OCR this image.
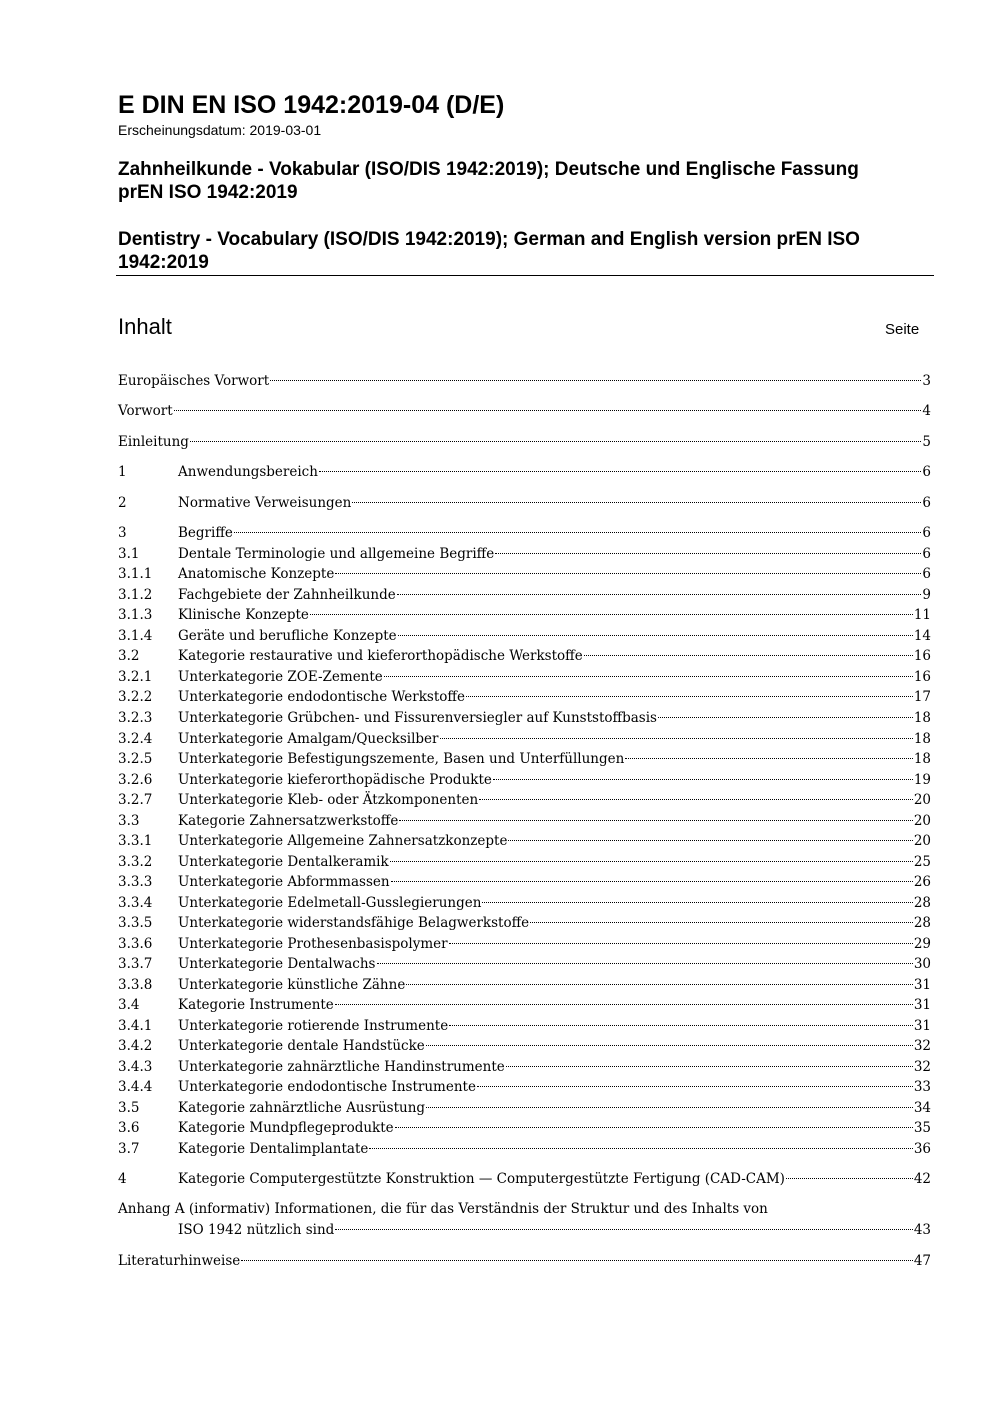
E DIN EN ISO 1942:2019-04 (D/E)
Erscheinungsdatum: 2019-03-01
Zahnheilkunde - Vokabular (ISO/DIS 1942:2019); Deutsche und Englische Fassung
prEN ISO 1942:2019
Dentistry - Vocabulary (ISO/DIS 1942:2019); German and English version prEN ISO
1942:2019
Inhalt	Seite
Europäisches Vorwort	3
Vorwort	4
Einleitung	5
1	Anwendungsbereich	6
2	Normative Verweisungen	6
3	Begriffe	6
3.1	Dentale Terminologie und allgemeine Begriffe	6
3.1.1	Anatomische Konzepte	6
3.1.2	Fachgebiete der Zahnheilkunde	9
3.1.3	Klinische Konzepte	11
3.1.4	Geräte und berufliche Konzepte	14
3.2	Kategorie restaurative und kieferorthopädische Werkstoffe	16
3.2.1	Unterkategorie ZOE-Zemente	16
3.2.2	Unterkategorie endodontische Werkstoffe	17
3.2.3	Unterkategorie Grübchen- und Fissurenversiegler auf Kunststoffbasis	18
3.2.4	Unterkategorie Amalgam/Quecksilber	18
3.2.5	Unterkategorie Befestigungszemente, Basen und Unterfüllungen	18
3.2.6	Unterkategorie kieferorthopädische Produkte	19
3.2.7	Unterkategorie Kleb- oder Ätzkomponenten	20
3.3	Kategorie Zahnersatzwerkstoffe	20
3.3.1	Unterkategorie Allgemeine Zahnersatzkonzepte	20
3.3.2	Unterkategorie Dentalkeramik	25
3.3.3	Unterkategorie Abformmassen	26
3.3.4	Unterkategorie Edelmetall-Gusslegierungen	28
3.3.5	Unterkategorie widerstandsfähige Belagwerkstoffe	28
3.3.6	Unterkategorie Prothesenbasispolymer	29
3.3.7	Unterkategorie Dentalwachs	30
3.3.8	Unterkategorie künstliche Zähne	31
3.4	Kategorie Instrumente	31
3.4.1	Unterkategorie rotierende Instrumente	31
3.4.2	Unterkategorie dentale Handstücke	32
3.4.3	Unterkategorie zahnärztliche Handinstrumente	32
3.4.4	Unterkategorie endodontische Instrumente	33
3.5	Kategorie zahnärztliche Ausrüstung	34
3.6	Kategorie Mundpflegeprodukte	35
3.7	Kategorie Dentalimplantate	36
4	Kategorie Computergestützte Konstruktion — Computergestützte Fertigung (CAD-CAM)	42
Anhang A (informativ) Informationen, die für das Verständnis der Struktur und des Inhalts von
ISO 1942 nützlich sind	43
Literaturhinweise	47
